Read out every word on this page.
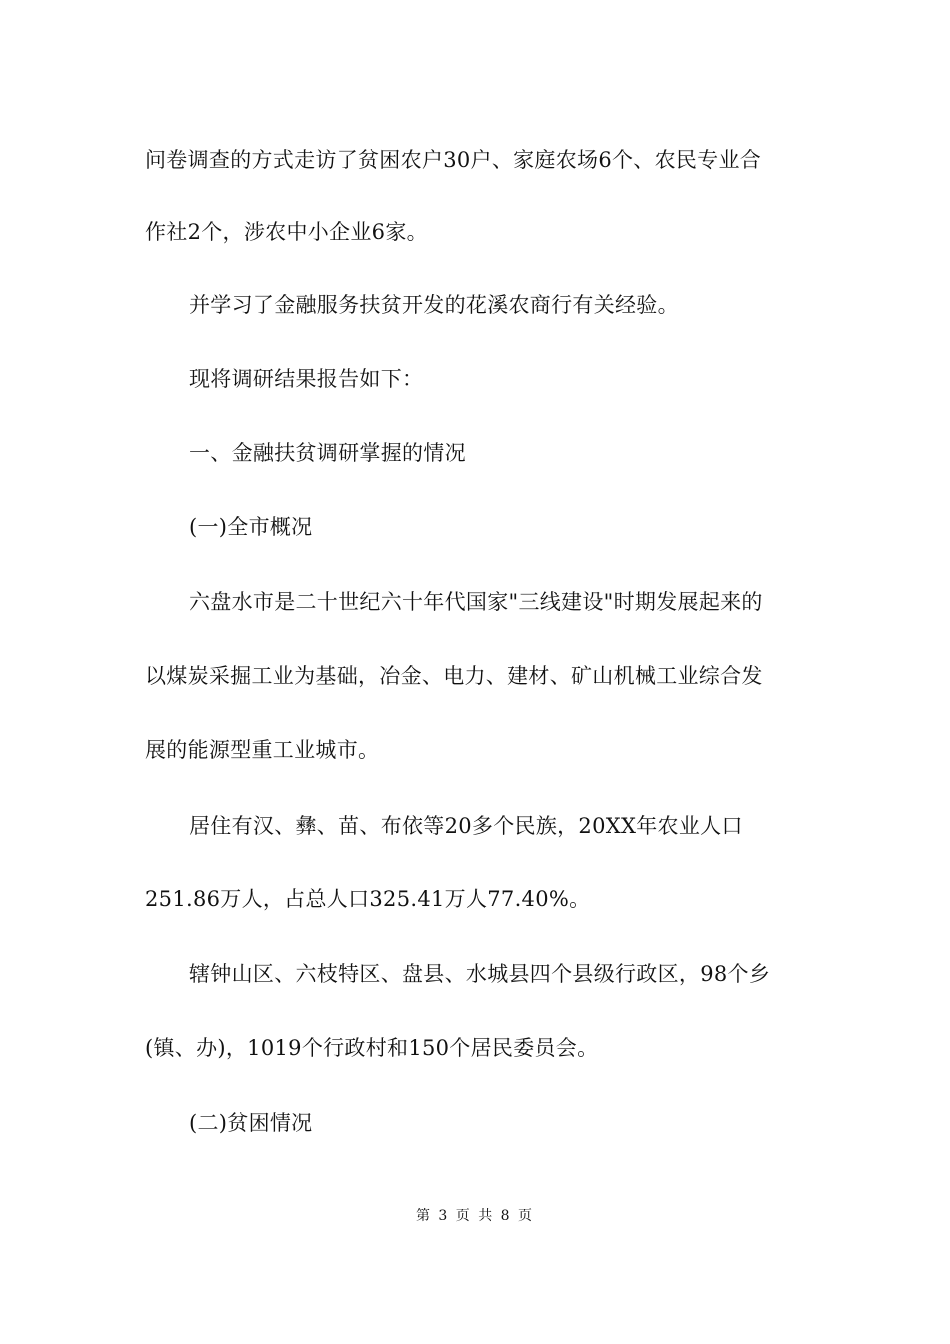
问卷调查的方式走访了贫困农户30户、家庭农场6个、农民专业合
作社2个，涉农中小企业6家。
并学习了金融服务扶贫开发的花溪农商行有关经验。
现将调研结果报告如下：
一、金融扶贫调研掌握的情况
(一)全市概况
六盘水市是二十世纪六十年代国家"三线建设"时期发展起来的
以煤炭采掘工业为基础，冶金、电力、建材、矿山机械工业综合发
展的能源型重工业城市。
居住有汉、彝、苗、布依等20多个民族，20XX年农业人口
251.86万人，占总人口325.41万人77.40%。
辖钟山区、六枝特区、盘县、水城县四个县级行政区，98个乡
(镇、办)，1019个行政村和150个居民委员会。
(二)贫困情况
第 3 页 共 8 页
